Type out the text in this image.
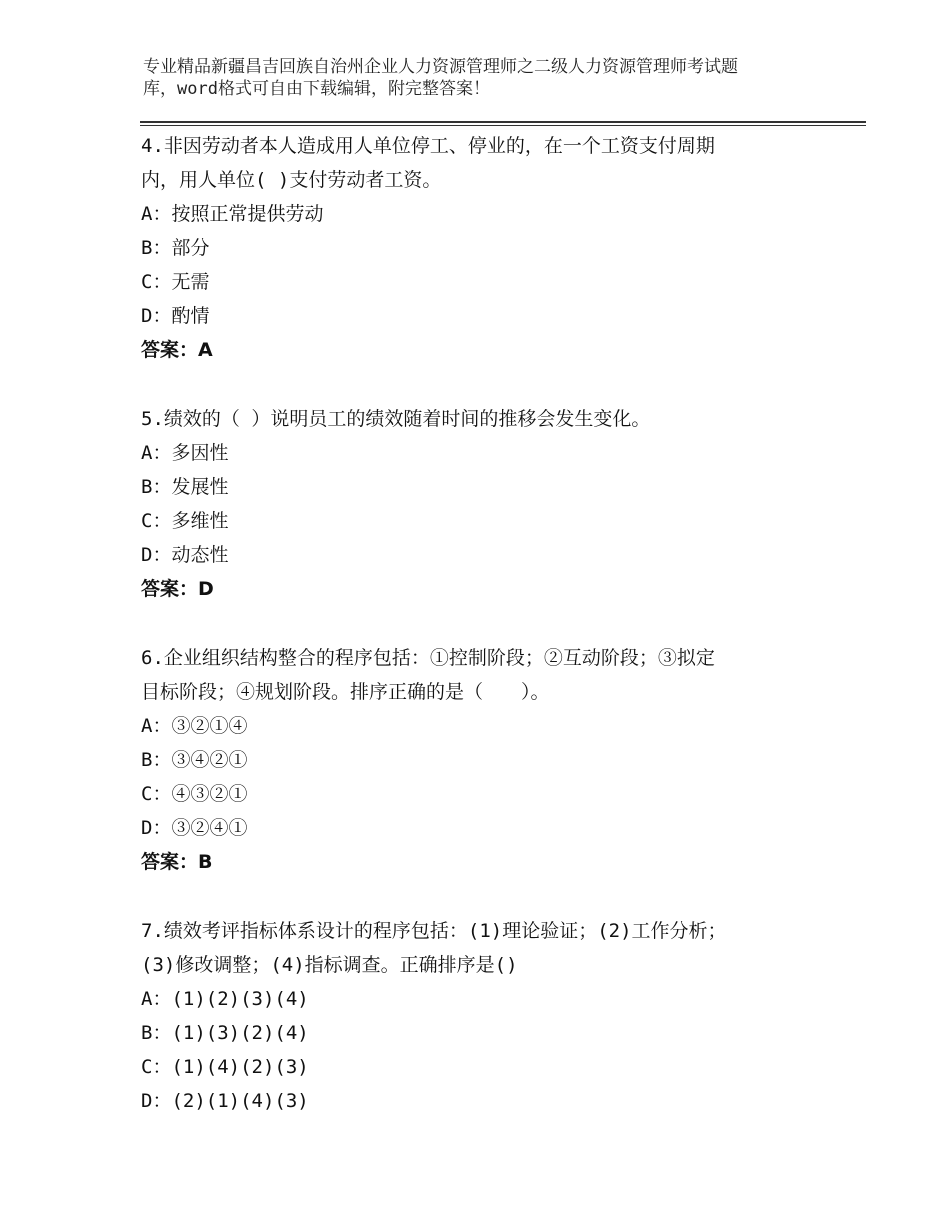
专业精品新疆昌吉回族自治州企业人力资源管理师之二级人力资源管理师考试题
库，word格式可自由下载编辑，附完整答案！
4.非因劳动者本人造成用人单位停工、停业的，在一个工资支付周期
内，用人单位( )支付劳动者工资。
A：按照正常提供劳动
B：部分
C：无需
D：酌情
答案：A
5.绩效的（ ）说明员工的绩效随着时间的推移会发生变化。
A：多因性
B：发展性
C：多维性
D：动态性
答案：D
6.企业组织结构整合的程序包括：①控制阶段；②互动阶段；③拟定
目标阶段；④规划阶段。排序正确的是（　　）。
A：③②①④
B：③④②①
C：④③②①
D：③②④①
答案：B
7.绩效考评指标体系设计的程序包括：(1)理论验证；(2)工作分析；
(3)修改调整；(4)指标调查。正确排序是()
A：(1)(2)(3)(4)
B：(1)(3)(2)(4)
C：(1)(4)(2)(3)
D：(2)(1)(4)(3)
